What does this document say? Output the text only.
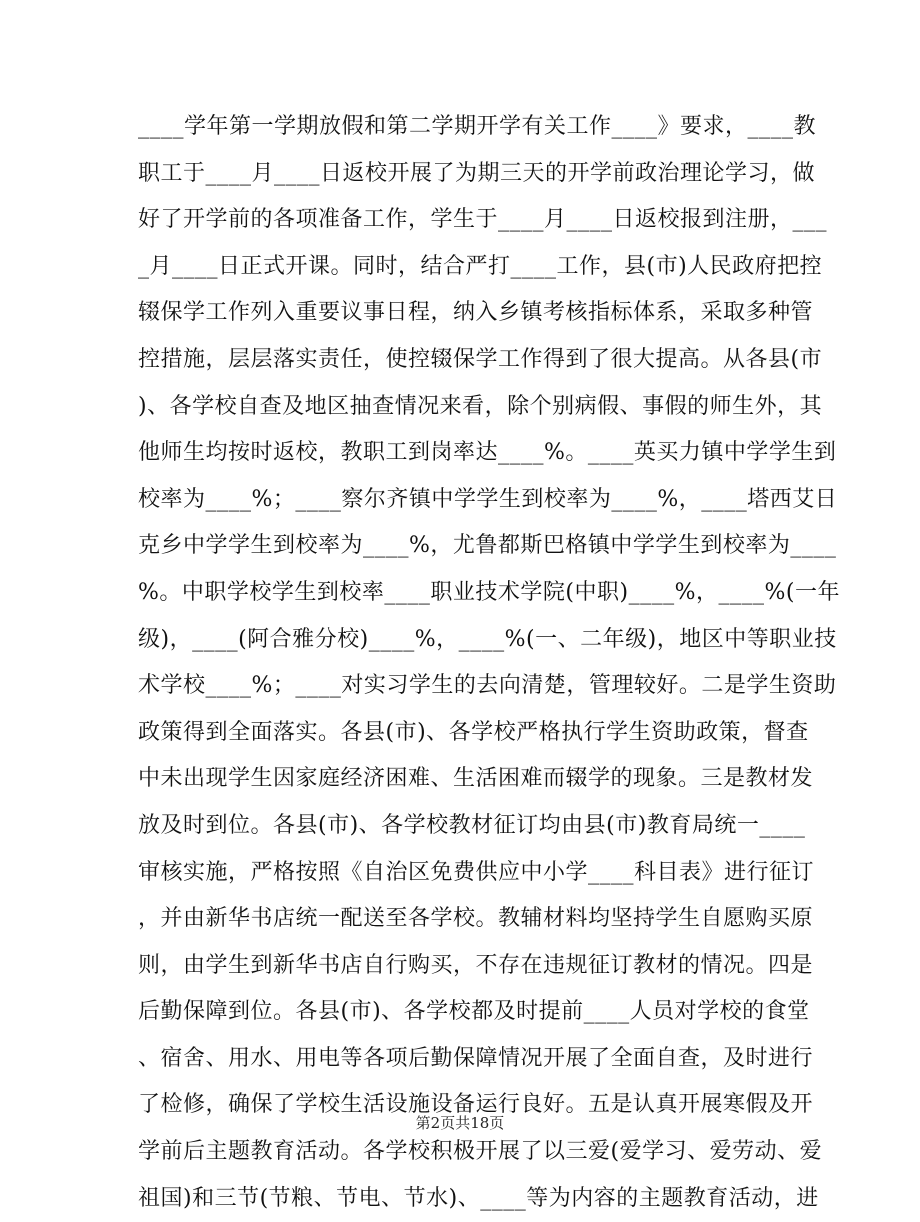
____学年第一学期放假和第二学期开学有关工作____》要求，____教
职工于____月____日返校开展了为期三天的开学前政治理论学习，做
好了开学前的各项准备工作，学生于____月____日返校报到注册，___
_月____日正式开课。同时，结合严打____工作，县(市)人民政府把控
辍保学工作列入重要议事日程，纳入乡镇考核指标体系，采取多种管
控措施，层层落实责任，使控辍保学工作得到了很大提高。从各县(市
)、各学校自查及地区抽查情况来看，除个别病假、事假的师生外，其
他师生均按时返校，教职工到岗率达____%。____英买力镇中学学生到
校率为____%；____察尔齐镇中学学生到校率为____%，____塔西艾日
克乡中学学生到校率为____%，尤鲁都斯巴格镇中学学生到校率为____
%。中职学校学生到校率____职业技术学院(中职)____%，____%(一年
级)，____(阿合雅分校)____%，____%(一、二年级)，地区中等职业技
术学校____%；____对实习学生的去向清楚，管理较好。二是学生资助
政策得到全面落实。各县(市)、各学校严格执行学生资助政策，督查
中未出现学生因家庭经济困难、生活困难而辍学的现象。三是教材发
放及时到位。各县(市)、各学校教材征订均由县(市)教育局统一____
审核实施，严格按照《自治区免费供应中小学____科目表》进行征订
，并由新华书店统一配送至各学校。教辅材料均坚持学生自愿购买原
则，由学生到新华书店自行购买，不存在违规征订教材的情况。四是
后勤保障到位。各县(市)、各学校都及时提前____人员对学校的食堂
、宿舍、用水、用电等各项后勤保障情况开展了全面自查，及时进行
了检修，确保了学校生活设施设备运行良好。五是认真开展寒假及开
学前后主题教育活动。各学校积极开展了以三爱(爱学习、爱劳动、爱
祖国)和三节(节粮、节电、节水)、____等为内容的主题教育活动，进
第2页共18页
